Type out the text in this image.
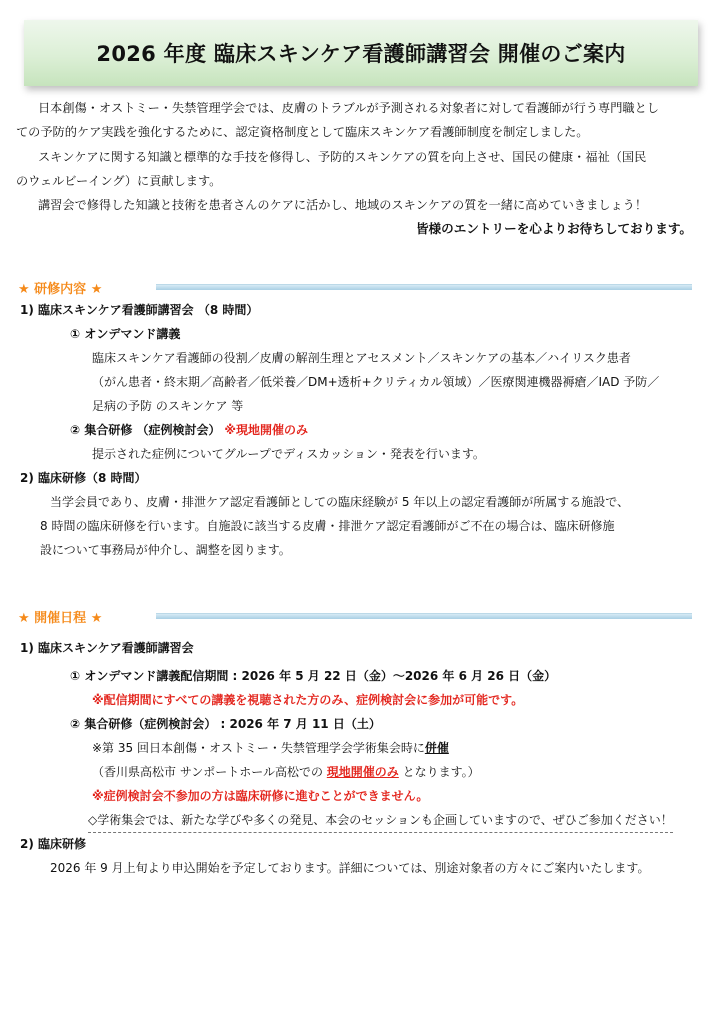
2026 年度 臨床スキンケア看護師講習会 開催のご案内
日本創傷・オストミー・失禁管理学会では、皮膚のトラブルが予測される対象者に対して看護師が行う専門職とし
ての予防的ケア実践を強化するために、認定資格制度として臨床スキンケア看護師制度を制定しました。
スキンケアに関する知識と標準的な手技を修得し、予防的スキンケアの質を向上させ、国民の健康・福祉（国民
のウェルビーイング）に貢献します。
講習会で修得した知識と技術を患者さんのケアに活かし、地域のスキンケアの質を一緒に高めていきましょう！
皆様のエントリーを心よりお待ちしております。
★ 研修内容 ★
1) 臨床スキンケア看護師講習会 （8 時間）
① オンデマンド講義
臨床スキンケア看護師の役割／皮膚の解剖生理とアセスメント／スキンケアの基本／ハイリスク患者
（がん患者・終末期／高齢者／低栄養／DM+透析+クリティカル領域）／医療関連機器褥瘡／IAD 予防／
足病の予防 のスキンケア 等
② 集合研修 （症例検討会） ※現地開催のみ
提示された症例についてグループでディスカッション・発表を行います。
2) 臨床研修（8 時間）
当学会員であり、皮膚・排泄ケア認定看護師としての臨床経験が 5 年以上の認定看護師が所属する施設で、
8 時間の臨床研修を行います。自施設に該当する皮膚・排泄ケア認定看護師がご不在の場合は、臨床研修施
設について事務局が仲介し、調整を図ります。
★ 開催日程 ★
1) 臨床スキンケア看護師講習会
① オンデマンド講義配信期間 : 2026 年 5 月 22 日（金）～2026 年 6 月 26 日（金）
※配信期間にすべての講義を視聴された方のみ、症例検討会に参加が可能です。
② 集合研修（症例検討会） : 2026 年 7 月 11 日（土）
※第 35 回日本創傷・オストミー・失禁管理学会学術集会時に併催
（香川県高松市 サンポートホール高松での 現地開催のみ となります。）
※症例検討会不参加の方は臨床研修に進むことができません。
◇学術集会では、新たな学びや多くの発見、本会のセッションも企画していますので、ぜひご参加ください！
2) 臨床研修
2026 年 9 月上旬より申込開始を予定しております。詳細については、別途対象者の方々にご案内いたします。
